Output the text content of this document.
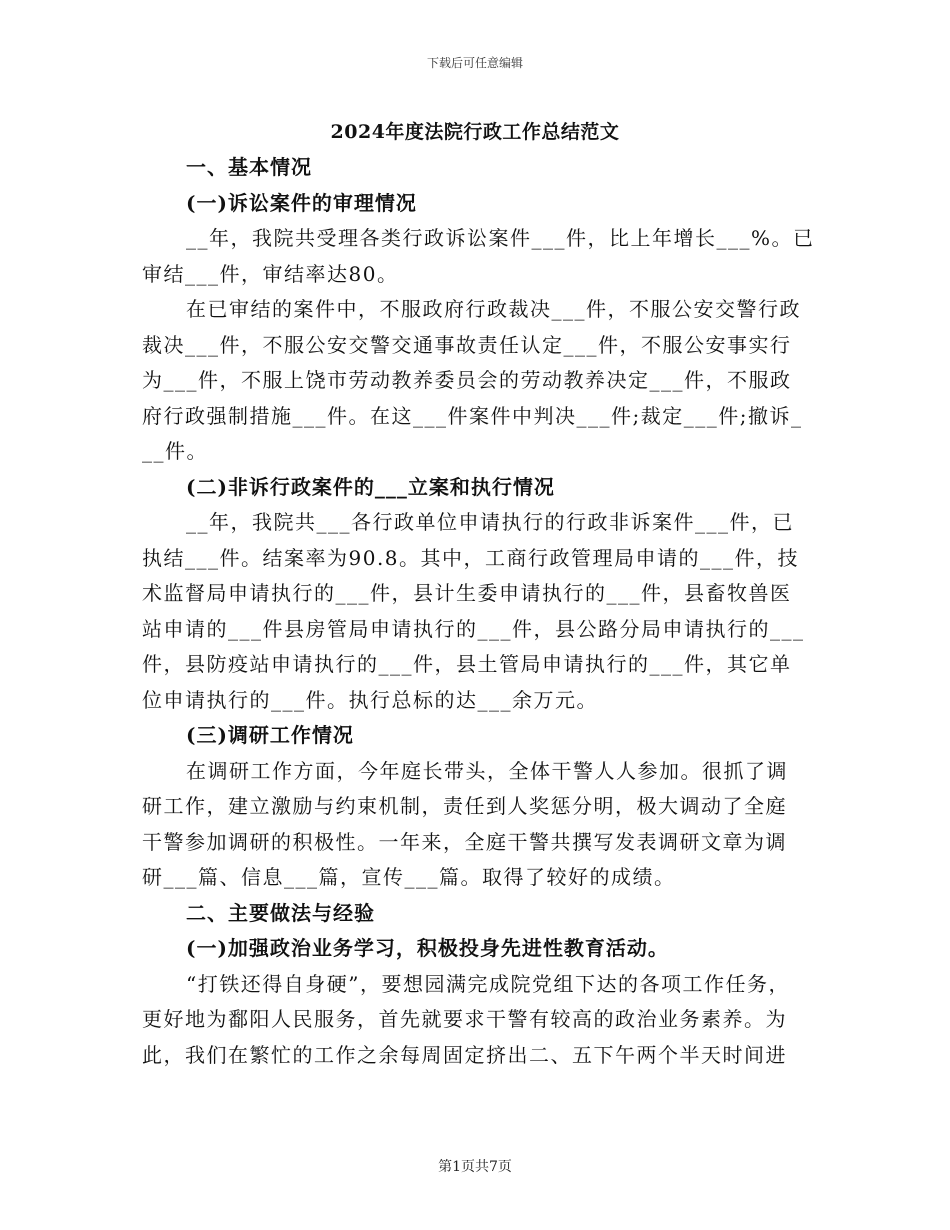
下载后可任意编辑
2024年度法院行政工作总结范文
一、基本情况
(一)诉讼案件的审理情况
__年，我院共受理各类行政诉讼案件___件，比上年增长___%。已
审结___件，审结率达80。
在已审结的案件中，不服政府行政裁决___件，不服公安交警行政
裁决___件，不服公安交警交通事故责任认定___件，不服公安事实行
为___件，不服上饶市劳动教养委员会的劳动教养决定___件，不服政
府行政强制措施___件。在这___件案件中判决___件;裁定___件;撤诉_
__件。
(二)非诉行政案件的___立案和执行情况
__年，我院共___各行政单位申请执行的行政非诉案件___件，已
执结___件。结案率为90.8。其中，工商行政管理局申请的___件，技
术监督局申请执行的___件，县计生委申请执行的___件，县畜牧兽医
站申请的___件县房管局申请执行的___件，县公路分局申请执行的___
件，县防疫站申请执行的___件，县土管局申请执行的___件，其它单
位申请执行的___件。执行总标的达___余万元。
(三)调研工作情况
在调研工作方面，今年庭长带头，全体干警人人参加。很抓了调
研工作，建立激励与约束机制，责任到人奖惩分明，极大调动了全庭
干警参加调研的积极性。一年来，全庭干警共撰写发表调研文章为调
研___篇、信息___篇，宣传___篇。取得了较好的成绩。
二、主要做法与经验
(一)加强政治业务学习，积极投身先进性教育活动。
“打铁还得自身硬”，要想园满完成院党组下达的各项工作任务，
更好地为鄱阳人民服务，首先就要求干警有较高的政治业务素养。为
此，我们在繁忙的工作之余每周固定挤出二、五下午两个半天时间进
第1页共7页
